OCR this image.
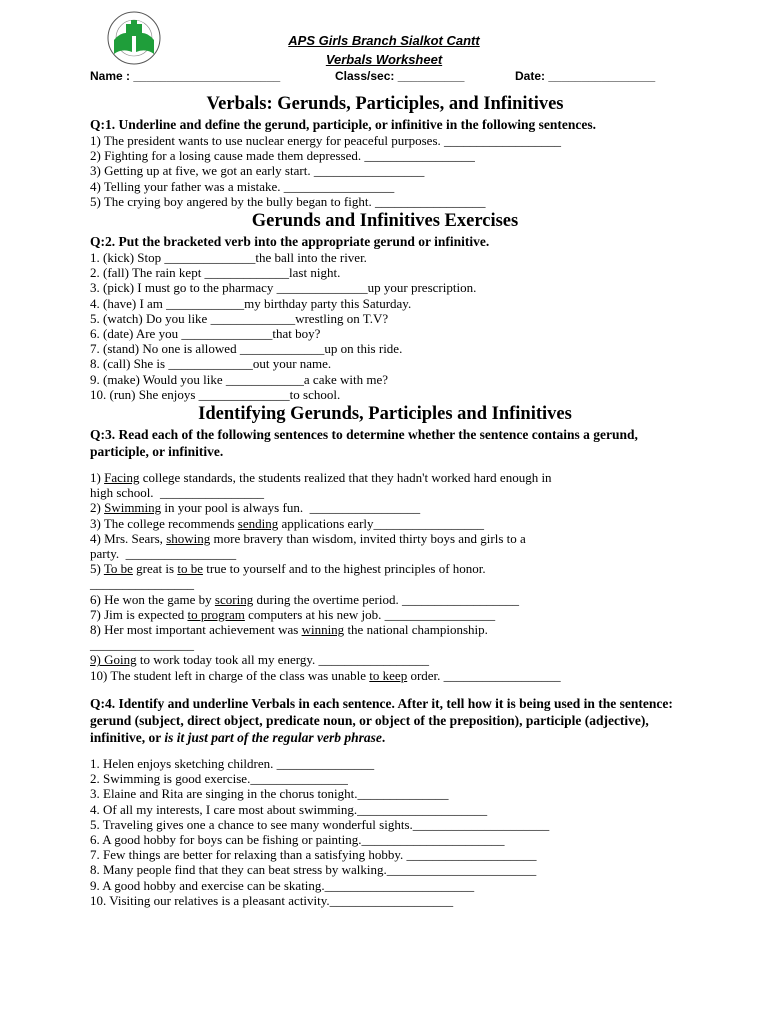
APS Girls Branch Sialkot Cantt
Verbals Worksheet
Name : ______________________	Class/sec: __________	Date: ________________
Verbals: Gerunds, Participles, and Infinitives

Q:1. Underline and define the gerund, participle, or infinitive in the following sentences.

1) The president wants to use nuclear energy for peaceful purposes. __________________

2) Fighting for a losing cause made them depressed. _________________

3) Getting up at five, we got an early start. _________________

4) Telling your father was a mistake. _________________

5) The crying boy angered by the bully began to fight. _________________

Gerunds and Infinitives Exercises

Q:2. Put the bracketed verb into the appropriate gerund or infinitive.

1. (kick) Stop ______________the ball into the river.

2. (fall) The rain kept _____________last night.

3. (pick) I must go to the pharmacy ______________up your prescription.

4. (have) I am ____________my birthday party this Saturday.

5. (watch) Do you like _____________wrestling on T.V?

6. (date) Are you ______________that boy?

7. (stand) No one is allowed _____________up on this ride.

8. (call) She is _____________out your name.

9. (make) Would you like ____________a cake with me?

10. (run) She enjoys ______________to school.

Identifying Gerunds, Participles and Infinitives

Q:3. Read each of the following sentences to determine whether the sentence contains a gerund, participle, or infinitive.

1) Facing college standards, the students realized that they hadn't worked hard enough in

high school.  ________________

2) Swimming in your pool is always fun.  _________________

3) The college recommends sending applications early_________________

4) Mrs. Sears, showing more bravery than wisdom, invited thirty boys and girls to a

party.  _________________

5) To be great is to be true to yourself and to the highest principles of honor.

________________

6) He won the game by scoring during the overtime period. __________________

7) Jim is expected to program computers at his new job. _________________

8) Her most important achievement was winning the national championship.

________________

9) Going to work today took all my energy. _________________

10) The student left in charge of the class was unable to keep order. __________________

Q:4. Identify and underline Verbals in each sentence. After it, tell how it is being used in the sentence: gerund (subject, direct object, predicate noun, or object of the preposition), participle (adjective), infinitive, or is it just part of the regular verb phrase.

1. Helen enjoys sketching children. _______________

2. Swimming is good exercise._______________

3. Elaine and Rita are singing in the chorus tonight.______________

4. Of all my interests, I care most about swimming.____________________

5. Traveling gives one a chance to see many wonderful sights._____________________

6. A good hobby for boys can be fishing or painting.______________________

7. Few things are better for relaxing than a satisfying hobby. ____________________

8. Many people find that they can beat stress by walking._______________________

9. A good hobby and exercise can be skating._______________________

10. Visiting our relatives is a pleasant activity.___________________
